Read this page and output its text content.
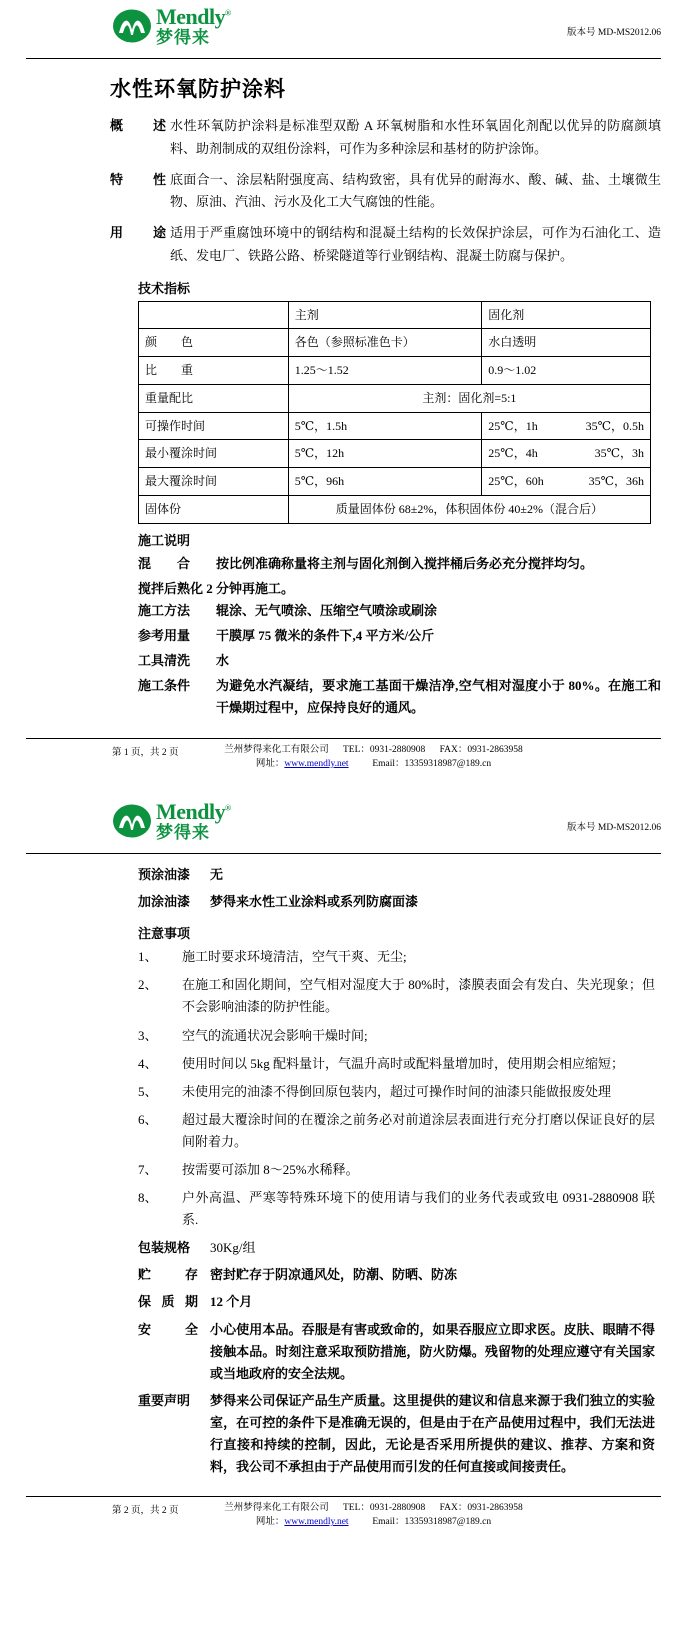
Mendly®
梦得来	版本号 MD-MS2012.06
水性环氧防护涂料
概述 水性环氧防护涂料是标准型双酚 A 环氧树脂和水性环氧固化剂配以优异的防腐颜填料、助剂制成的双组份涂料，可作为多种涂层和基材的防护涂饰。
特性 底面合一、涂层粘附强度高、结构致密，具有优异的耐海水、酸、碱、盐、土壤微生物、原油、汽油、污水及化工大气腐蚀的性能。
用途 适用于严重腐蚀环境中的钢结构和混凝土结构的长效保护涂层，可作为石油化工、造纸、发电厂、铁路公路、桥梁隧道等行业钢结构、混凝土防腐与保护。
技术指标
	主剂	固化剂
颜　　色	各色（参照标准色卡）	水白透明
比　　重	1.25～1.52	0.9～1.02
重量配比	主剂：固化剂=5:1	
可操作时间	5℃，1.5h	25℃，1h 35℃，0.5h

最小覆涂时间	5℃，12h	25℃，4h 35℃，3h

最大覆涂时间	5℃，96h	25℃，60h 35℃，36h

固体份	质量固体份 68±2%，体积固体份 40±2%（混合后）	
施工说明
混　　合	按比例准确称量将主剂与固化剂倒入搅拌桶后务必充分搅拌均匀。
搅拌后熟化 2 分钟再施工。
施工方法	辊涂、无气喷涂、压缩空气喷涂或刷涂
参考用量	干膜厚 75 微米的条件下,4 平方米/公斤
工具清洗	水
施工条件	为避免水汽凝结，要求施工基面干燥洁净,空气相对湿度小于 80%。在施工和干燥期过程中，应保持良好的通风。
第 1 页，共 2 页	兰州梦得来化工有限公司 TEL：0931-2880908 FAX：0931-2863958
网址：www.mendly.net	Email：13359318987@189.cn
Mendly®
梦得来	版本号 MD-MS2012.06
预涂油漆	无
加涂油漆	梦得来水性工业涂料或系列防腐面漆
注意事项
1、	施工时要求环境清洁，空气干爽、无尘;
2、	在施工和固化期间，空气相对湿度大于 80%时，漆膜表面会有发白、失光现象；但不会影响油漆的防护性能。
3、	空气的流通状况会影响干燥时间;
4、	使用时间以 5kg 配料量计，气温升高时或配料量增加时，使用期会相应缩短；
5、	未使用完的油漆不得倒回原包装内，超过可操作时间的油漆只能做报废处理
6、	超过最大覆涂时间的在覆涂之前务必对前道涂层表面进行充分打磨以保证良好的层间附着力。
7、	按需要可添加 8～25%水稀释。
8、	户外高温、严寒等特殊环境下的使用请与我们的业务代表或致电 0931-2880908 联系.
包装规格	30Kg/组
贮　　存 密封贮存于阴凉通风处，防潮、防晒、防冻
保 质 期 12 个月
安　　全 小心使用本品。吞服是有害或致命的，如果吞服应立即求医。皮肤、眼睛不得接触本品。时刻注意采取预防措施，防火防爆。残留物的处理应遵守有关国家或当地政府的安全法规。
重要声明	梦得来公司保证产品生产质量。这里提供的建议和信息来源于我们独立的实验室，在可控的条件下是准确无误的，但是由于在产品使用过程中，我们无法进行直接和持续的控制，因此，无论是否采用所提供的建议、推荐、方案和资料，我公司不承担由于产品使用而引发的任何直接或间接责任。
第 2 页，共 2 页	兰州梦得来化工有限公司 TEL：0931-2880908 FAX：0931-2863958
网址：www.mendly.net	Email：13359318987@189.cn
